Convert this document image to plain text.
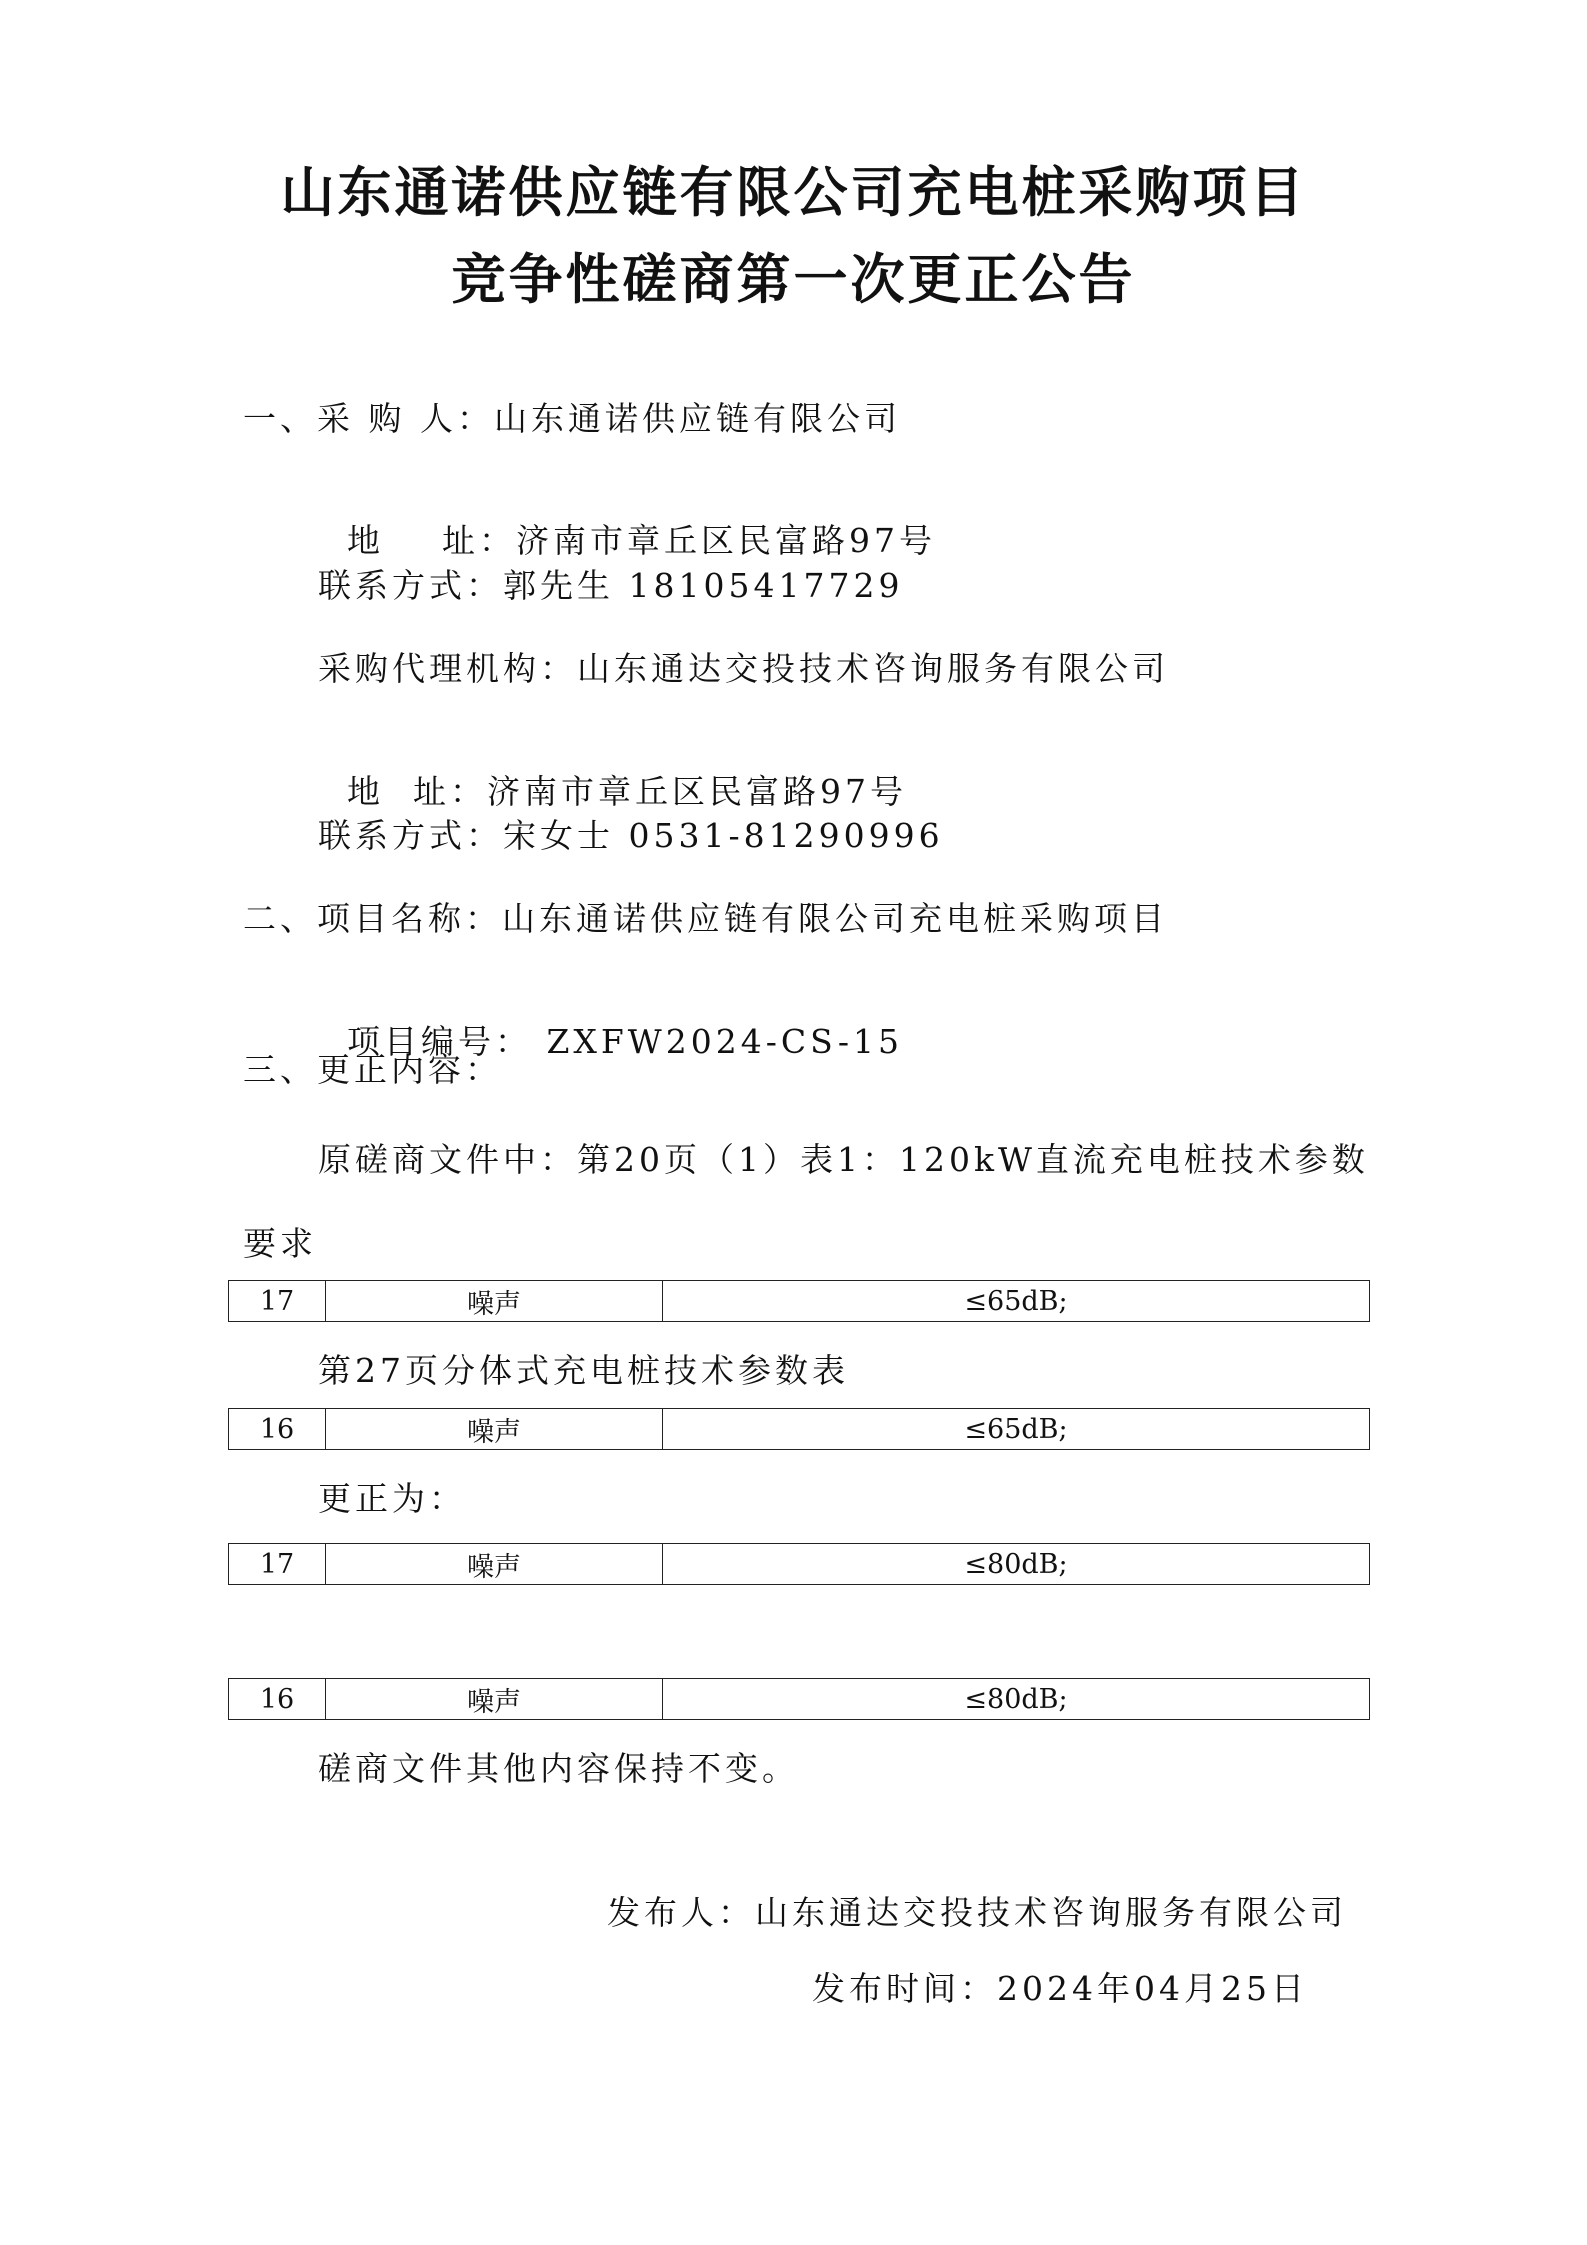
山东通诺供应链有限公司充电桩采购项目
竞争性磋商第一次更正公告
一、采 购 人：山东通诺供应链有限公司

地    址：济南市章丘区民富路97号

联系方式：郭先生 18105417729
采购代理机构：山东通达交投技术咨询服务有限公司

地  址：济南市章丘区民富路97号

联系方式：宋女士 0531-81290996
二、项目名称：山东通诺供应链有限公司充电桩采购项目

项目编号： ZXFW2024-CS-15

三、更正内容：
原磋商文件中：第20页（1）表1：120kW直流充电桩技术参数
要求
17	噪声	≤65dB;
第27页分体式充电桩技术参数表
16	噪声	≤65dB;
更正为：
17	噪声	≤80dB;
16	噪声	≤80dB;
磋商文件其他内容保持不变。
发布人：山东通达交投技术咨询服务有限公司
发布时间：2024年04月25日
